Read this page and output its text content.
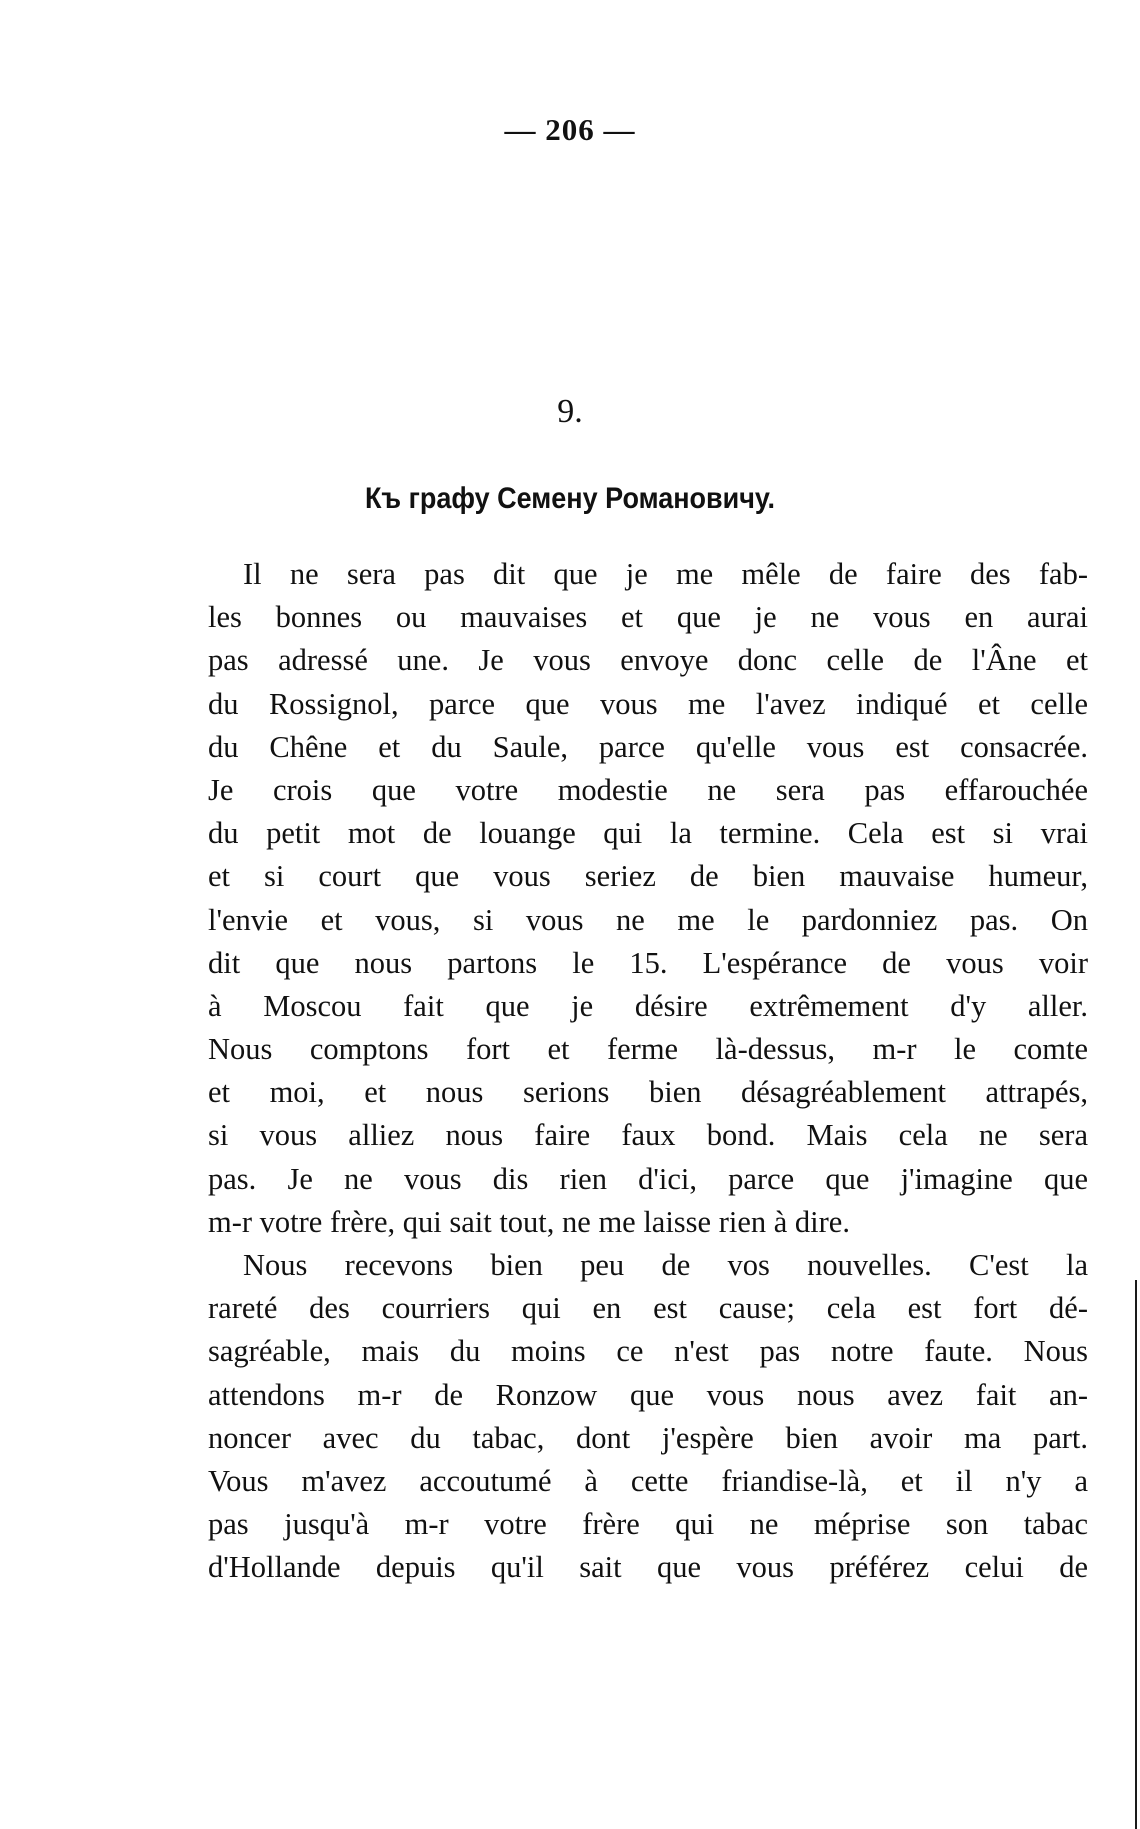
— 206 —
9.
Къ графу Семену Романовичу.
Il ne sera pas dit que je me mêle de faire des fab-
les bonnes ou mauvaises et que je ne vous en aurai
pas adressé une. Je vous envoye donc celle de l'Âne et
du Rossignol, parce que vous me l'avez indiqué et celle
du Chêne et du Saule, parce qu'elle vous est consacrée.
Je crois que votre modestie ne sera pas effarouchée
du petit mot de louange qui la termine. Cela est si vrai
et si court que vous seriez de bien mauvaise humeur,
l'envie et vous, si vous ne me le pardonniez pas. On
dit que nous partons le 15. L'espérance de vous voir
à Moscou fait que je désire extrêmement d'y aller.
Nous comptons fort et ferme là-dessus, m-r le comte
et moi, et nous serions bien désagréablement attrapés,
si vous alliez nous faire faux bond. Mais cela ne sera
pas. Je ne vous dis rien d'ici, parce que j'imagine que
m-r votre frère, qui sait tout, ne me laisse rien à dire.
Nous recevons bien peu de vos nouvelles. C'est la
rareté des courriers qui en est cause; cela est fort dé-
sagréable, mais du moins ce n'est pas notre faute. Nous
attendons m-r de Ronzow que vous nous avez fait an-
noncer avec du tabac, dont j'espère bien avoir ma part.
Vous m'avez accoutumé à cette friandise-là, et il n'y a
pas jusqu'à m-r votre frère qui ne méprise son tabac
d'Hollande depuis qu'il sait que vous préférez celui de
